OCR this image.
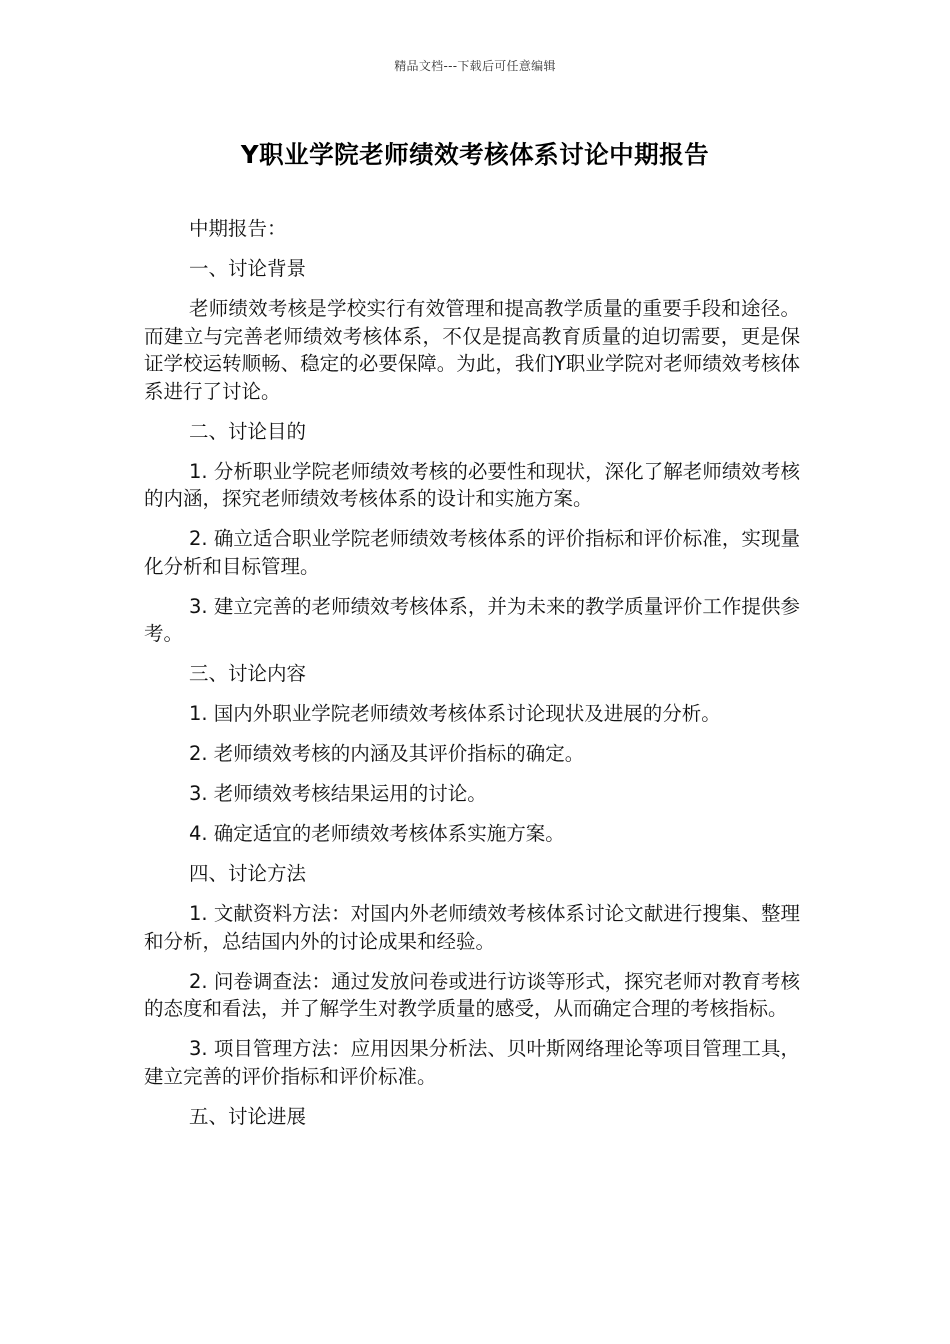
精品文档---下载后可任意编辑
Y职业学院老师绩效考核体系讨论中期报告

中期报告：

一、讨论背景

老师绩效考核是学校实行有效管理和提高教学质量的重要手段和途径。而建立与完善老师绩效考核体系，不仅是提高教育质量的迫切需要，更是保证学校运转顺畅、稳定的必要保障。为此，我们Y职业学院对老师绩效考核体系进行了讨论。

二、讨论目的

1. 分析职业学院老师绩效考核的必要性和现状，深化了解老师绩效考核的内涵，探究老师绩效考核体系的设计和实施方案。

2. 确立适合职业学院老师绩效考核体系的评价指标和评价标准，实现量化分析和目标管理。

3. 建立完善的老师绩效考核体系，并为未来的教学质量评价工作提供参考。

三、讨论内容

1. 国内外职业学院老师绩效考核体系讨论现状及进展的分析。

2. 老师绩效考核的内涵及其评价指标的确定。

3. 老师绩效考核结果运用的讨论。

4. 确定适宜的老师绩效考核体系实施方案。

四、讨论方法

1. 文献资料方法：对国内外老师绩效考核体系讨论文献进行搜集、整理和分析，总结国内外的讨论成果和经验。

2. 问卷调查法：通过发放问卷或进行访谈等形式，探究老师对教育考核的态度和看法，并了解学生对教学质量的感受，从而确定合理的考核指标。

3. 项目管理方法：应用因果分析法、贝叶斯网络理论等项目管理工具，建立完善的评价指标和评价标准。

五、讨论进展
